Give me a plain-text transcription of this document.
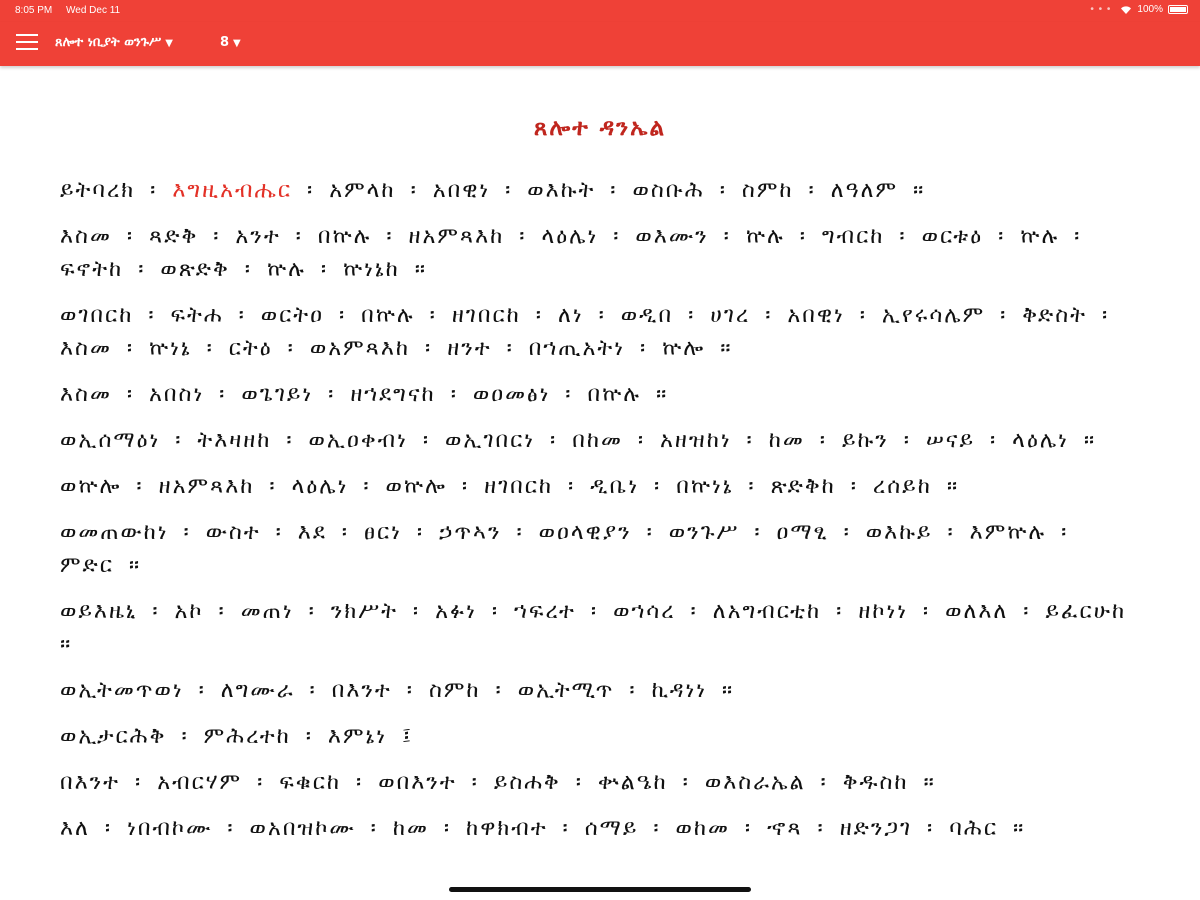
8:05 PM Wed Dec 11	• • •	100%
ጸሎተ ነቢያት ወንጉሥ ▼	8 ▼
ጸሎተ ዳንኤል

ይትባረክ ፡ እግዚአብሔር ፡ አምላከ ፡ አበዊነ ፡ ወእኩት ፡ ወስቡሕ ፡ ስምከ ፡ ለዓለም ።

እስመ ፡ ጻድቅ ፡ አንተ ፡ በኵሉ ፡ ዘአምጻእከ ፡ ላዕሌነ ፡ ወእሙን ፡ ኵሉ ፡ ግብርከ ፡ ወርቱዕ ፡ ኵሉ ፡ ፍኖትከ ፡ ወጽድቅ ፡ ኵሉ ፡ ኵነኔከ ።

ወገበርከ ፡ ፍትሐ ፡ ወርትዐ ፡ በኵሉ ፡ ዘገበርከ ፡ ለነ ፡ ወዲበ ፡ ሀገረ ፡ አበዊነ ፡ ኢየሩሳሌም ፡ ቅድስት ፡ እስመ ፡ ኵነኔ ፡ ርትዕ ፡ ወአምጻእከ ፡ ዘንተ ፡ በኀጢአትነ ፡ ኵሎ ።

እስመ ፡ አበስነ ፡ ወጌገይነ ፡ ዘኀደግናከ ፡ ወዐመፅነ ፡ በኵሉ ።

ወኢሰማዕነ ፡ ትእዛዘከ ፡ ወኢዐቀብነ ፡ ወኢገበርነ ፡ በከመ ፡ አዘዝከነ ፡ ከመ ፡ ይኩን ፡ ሠናይ ፡ ላዕሌነ ።

ወኵሎ ፡ ዘአምጻእከ ፡ ላዕሌነ ፡ ወኵሎ ፡ ዘገበርከ ፡ ዲቤነ ፡ በኵነኔ ፡ ጽድቅከ ፡ ረሰይከ ።

ወመጠውከነ ፡ ውስተ ፡ እደ ፡ ፀርነ ፡ ኃጥኣን ፡ ወዐላዊያን ፡ ወንጉሥ ፡ ዐማፂ ፡ ወእኩይ ፡ እምኵሉ ፡ ምድር ።

ወይእዜኒ ፡ አኮ ፡ መጠነ ፡ ንክሥት ፡ አፉነ ፡ ኀፍረተ ፡ ወኀሳረ ፡ ለአግብርቲከ ፡ ዘኮነነ ፡ ወለእለ ፡ ይፈርሁከ ።

ወኢትመጥወነ ፡ ለግሙራ ፡ በእንተ ፡ ስምከ ፡ ወኢትሚጥ ፡ ኪዳነነ ።

ወኢታርሕቅ ፡ ምሕረተከ ፡ እምኔነ ፤

በእንተ ፡ አብርሃም ፡ ፍቁርከ ፡ ወበእንተ ፡ ይስሐቅ ፡ ቍልዔከ ፡ ወእስራኤል ፡ ቅዱስከ ።

እለ ፡ ነበብኮሙ ፡ ወአበዝኮሙ ፡ ከመ ፡ ከዋክብተ ፡ ሰማይ ፡ ወከመ ፡ ኆጻ ፡ ዘድንጋገ ፡ ባሕር ።
